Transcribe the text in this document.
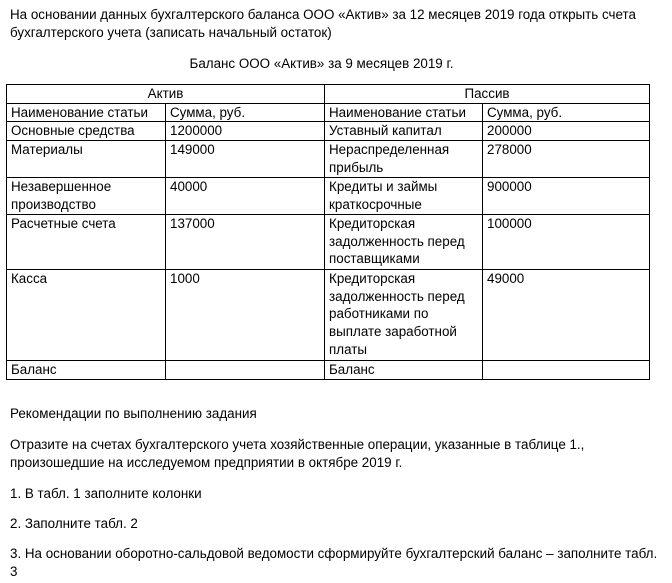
На основании данных бухгалтерского баланса ООО «Актив» за 12 месяцев 2019 года открыть счета бухгалтерского учета (записать начальный остаток)

Баланс ООО «Актив» за 9 месяцев 2019 г.

Актив		Пассив	
Наименование статьи	Сумма, руб.	Наименование статьи	Сумма, руб.
Основные средства	1200000	Уставный капитал	200000
Материалы	149000	Нераспределенная прибыль	278000
Незавершенное производство	40000	Кредиты и займы краткосрочные	900000
Расчетные счета	137000	Кредиторская задолженность перед поставщиками	100000
Касса	1000	Кредиторская задолженность перед работниками по выплате заработной платы	49000
Баланс		Баланс	

Рекомендации по выполнению задания

Отразите на счетах бухгалтерского учета хозяйственные операции, указанные в таблице 1., произошедшие на исследуемом предприятии в октябре 2019 г.

1. В табл. 1 заполните колонки

2. Заполните табл. 2

3. На основании оборотно-сальдовой ведомости сформируйте бухгалтерский баланс – заполните табл. 3
